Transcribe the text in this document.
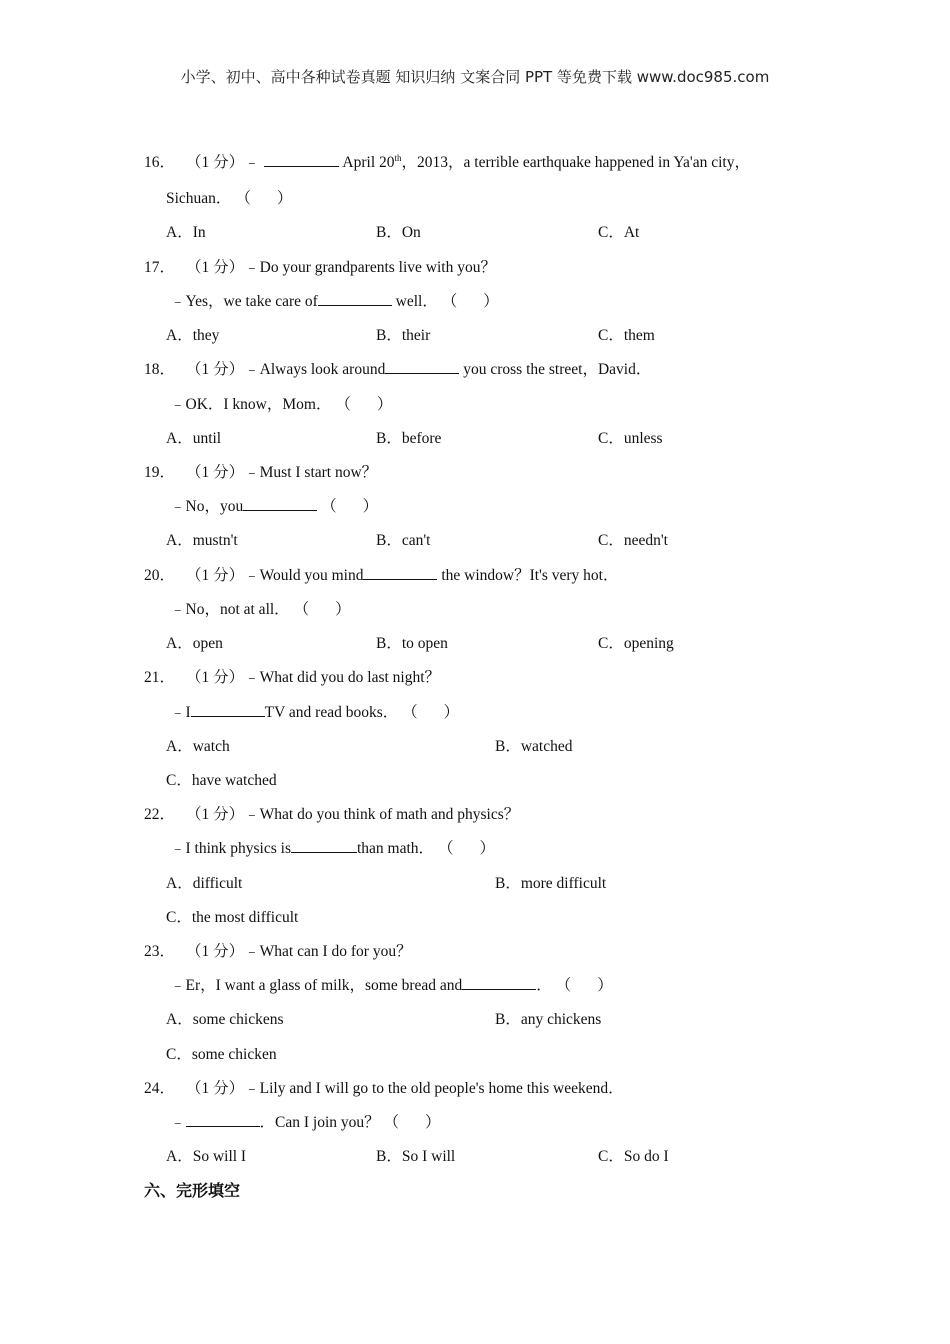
小学、初中、高中各种试卷真题 知识归纳 文案合同 PPT 等免费下载 www.doc985.com
16． （1 分）﹣	April 20th，2013，a terrible earthquake happened in Ya'an city，
Sichuan． （ ）
A．In	B．On	C．At
17． （1 分）﹣Do your grandparents live with you？
﹣Yes，we take care of	well． （ ）
A．they	B．their	C．them
18． （1 分）﹣Always look around	you cross the street，David．
﹣OK．I know，Mom． （ ）
A．until	B．before	C．unless
19． （1 分）﹣Must I start now？
﹣No，you	（ ）
A．mustn't	B．can't	C．needn't
20． （1 分）﹣Would you mind	the window？It's very hot．
﹣No，not at all． （ ）
A．open	B．to open	C．opening
21． （1 分）﹣What did you do last night？
﹣I	TV and read books． （ ）
A．watch	B．watched
C．have watched
22． （1 分）﹣What do you think of math and physics？
﹣I think physics is	than math． （ ）
A．difficult	B．more difficult
C．the most difficult
23． （1 分）﹣What can I do for you？
﹣Er，I want a glass of milk，some bread and	． （ ）
A．some chickens	B．any chickens
C．some chicken
24． （1 分）﹣Lily and I will go to the old people's home this weekend．
﹣	．Can I join you？ （ ）
A．So will I	B．So I will	C．So do I
六、完形填空
